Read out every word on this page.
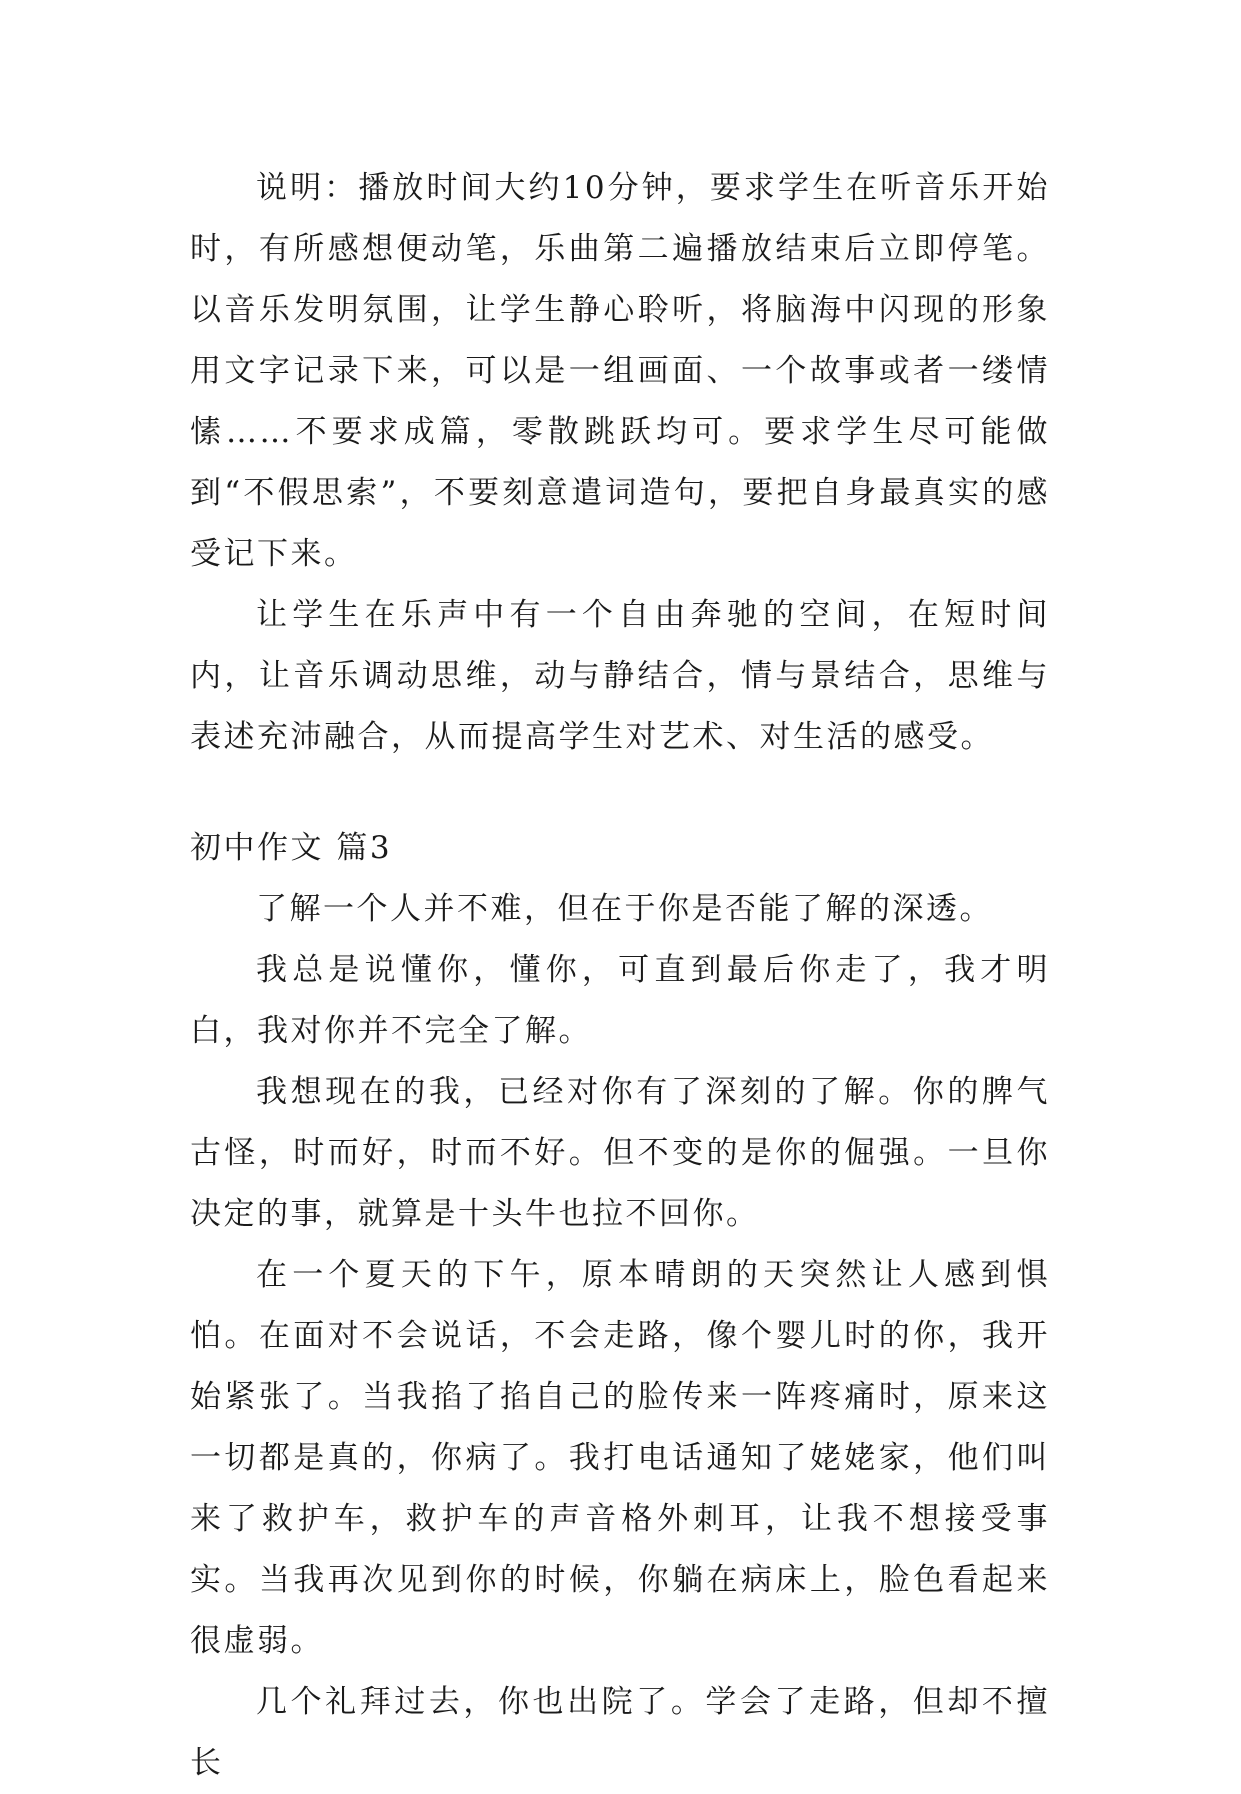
说明：播放时间大约10分钟，要求学生在听音乐开始时，有所感想便动笔，乐曲第二遍播放结束后立即停笔。以音乐发明氛围，让学生静心聆听，将脑海中闪现的形象用文字记录下来，可以是一组画面、一个故事或者一缕情愫……不要求成篇，零散跳跃均可。要求学生尽可能做到“不假思索”，不要刻意遣词造句，要把自身最真实的感受记下来。

让学生在乐声中有一个自由奔驰的空间，在短时间内，让音乐调动思维，动与静结合，情与景结合，思维与表述充沛融合，从而提高学生对艺术、对生活的感受。

初中作文 篇3

了解一个人并不难，但在于你是否能了解的深透。

我总是说懂你，懂你，可直到最后你走了，我才明白，我对你并不完全了解。

我想现在的我，已经对你有了深刻的了解。你的脾气古怪，时而好，时而不好。但不变的是你的倔强。一旦你决定的事，就算是十头牛也拉不回你。

在一个夏天的下午，原本晴朗的天突然让人感到惧怕。在面对不会说话，不会走路，像个婴儿时的你，我开始紧张了。当我掐了掐自己的脸传来一阵疼痛时，原来这一切都是真的，你病了。我打电话通知了姥姥家，他们叫来了救护车，救护车的声音格外刺耳，让我不想接受事实。当我再次见到你的时候，你躺在病床上，脸色看起来很虚弱。

几个礼拜过去，你也出院了。学会了走路，但却不擅长
